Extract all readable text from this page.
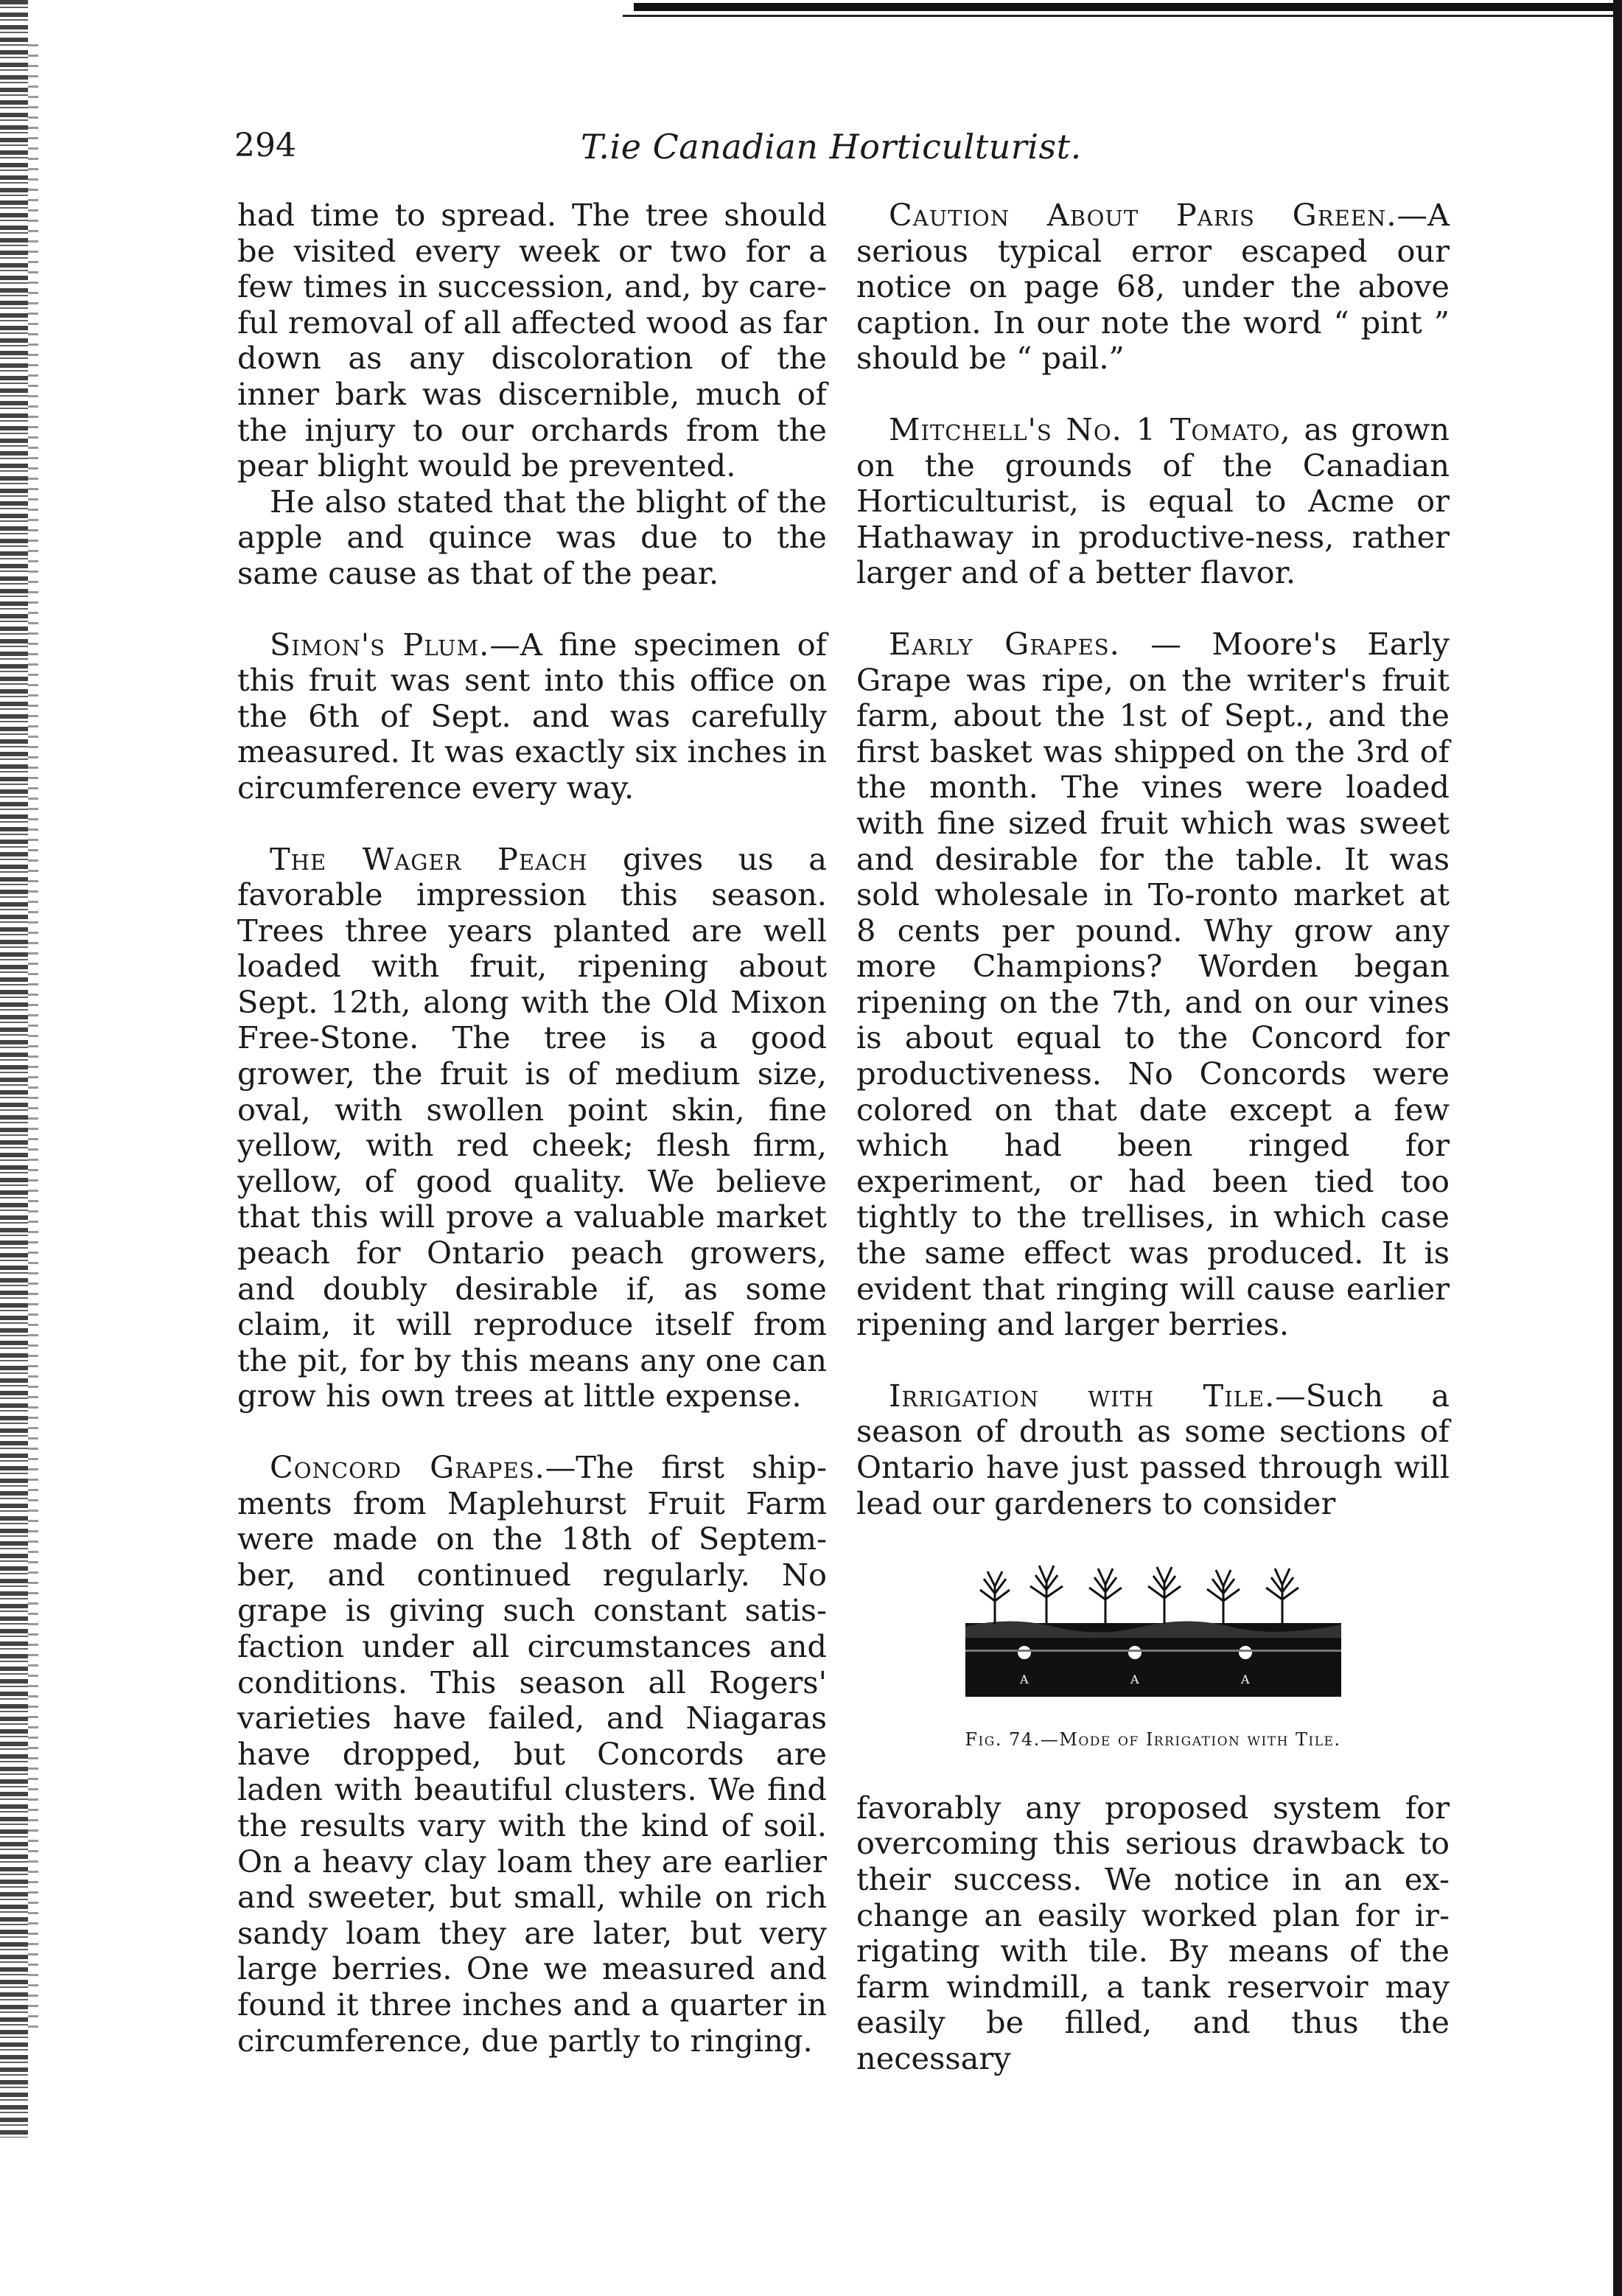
294	T.ie Canadian Horticulturist.

had time to spread. The tree should be visited every week or two for a few times in succession, and, by care-ful removal of all affected wood as far down as any discoloration of the inner bark was discernible, much of the injury to our orchards from the pear blight would be prevented.

He also stated that the blight of the apple and quince was due to the same cause as that of the pear.

Simon's Plum.—A fine specimen of this fruit was sent into this office on the 6th of Sept. and was carefully measured. It was exactly six inches in circumference every way.

The Wager Peach gives us a favorable impression this season. Trees three years planted are well loaded with fruit, ripening about Sept. 12th, along with the Old Mixon Free-Stone. The tree is a good grower, the fruit is of medium size, oval, with swollen point skin, fine yellow, with red cheek; flesh firm, yellow, of good quality. We believe that this will prove a valuable market peach for Ontario peach growers, and doubly desirable if, as some claim, it will reproduce itself from the pit, for by this means any one can grow his own trees at little expense.

Concord Grapes.—The first ship-ments from Maplehurst Fruit Farm were made on the 18th of Septem-ber, and continued regularly. No grape is giving such constant satis-faction under all circumstances and conditions. This season all Rogers' varieties have failed, and Niagaras have dropped, but Concords are laden with beautiful clusters. We find the results vary with the kind of soil. On a heavy clay loam they are earlier and sweeter, but small, while on rich sandy loam they are later, but very large berries. One we measured and found it three inches and a quarter in circumference, due partly to ringing.

Caution About Paris Green.—A serious typical error escaped our notice on page 68, under the above caption. In our note the word “ pint ” should be “ pail.”

Mitchell's No. 1 Tomato, as grown on the grounds of the Canadian Horticulturist, is equal to Acme or Hathaway in productive-ness, rather larger and of a better flavor.

Early Grapes. — Moore's Early Grape was ripe, on the writer's fruit farm, about the 1st of Sept., and the first basket was shipped on the 3rd of the month. The vines were loaded with fine sized fruit which was sweet and desirable for the table. It was sold wholesale in To-ronto market at 8 cents per pound. Why grow any more Champions? Worden began ripening on the 7th, and on our vines is about equal to the Concord for productiveness. No Concords were colored on that date except a few which had been ringed for experiment, or had been tied too tightly to the trellises, in which case the same effect was produced. It is evident that ringing will cause earlier ripening and larger berries.

Irrigation with Tile.—Such a season of drouth as some sections of Ontario have just passed through will lead our gardeners to consider

A	A	A
Fig. 74.—Mode of Irrigation with Tile.

favorably any proposed system for overcoming this serious drawback to their success. We notice in an ex-change an easily worked plan for ir-rigating with tile. By means of the farm windmill, a tank reservoir may easily be filled, and thus the necessary
